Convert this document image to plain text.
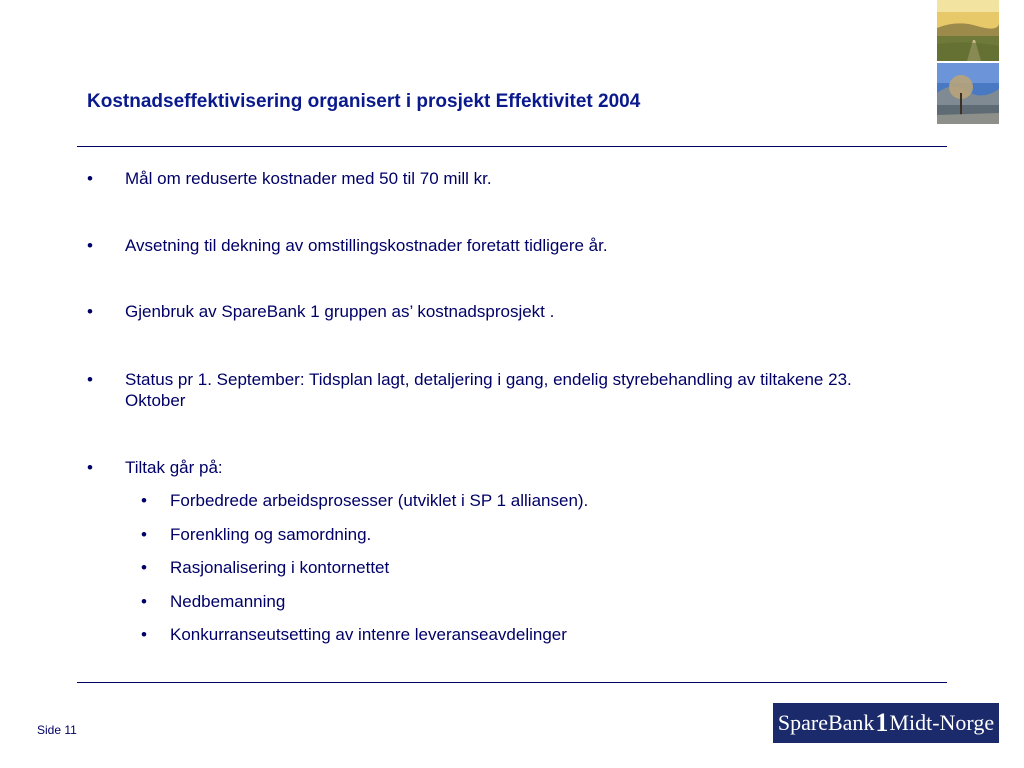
Kostnadseffektivisering organisert i prosjekt Effektivitet 2004
• Mål om reduserte kostnader med 50 til 70 mill kr.
• Avsetning til dekning av omstillingskostnader foretatt tidligere år.
• Gjenbruk av SpareBank 1 gruppen as’ kostnadsprosjekt .
• Status pr 1. September: Tidsplan lagt, detaljering i gang, endelig styrebehandling av tiltakene 23. Oktober
• Tiltak går på:
• Forbedrede arbeidsprosesser (utviklet i SP 1 alliansen).
• Forenkling og samordning.
• Rasjonalisering i kontornettet
• Nedbemanning
• Konkurranseutsetting av intenre leveranseavdelinger
Side 11	SpareBank 1 Midt-Norge
